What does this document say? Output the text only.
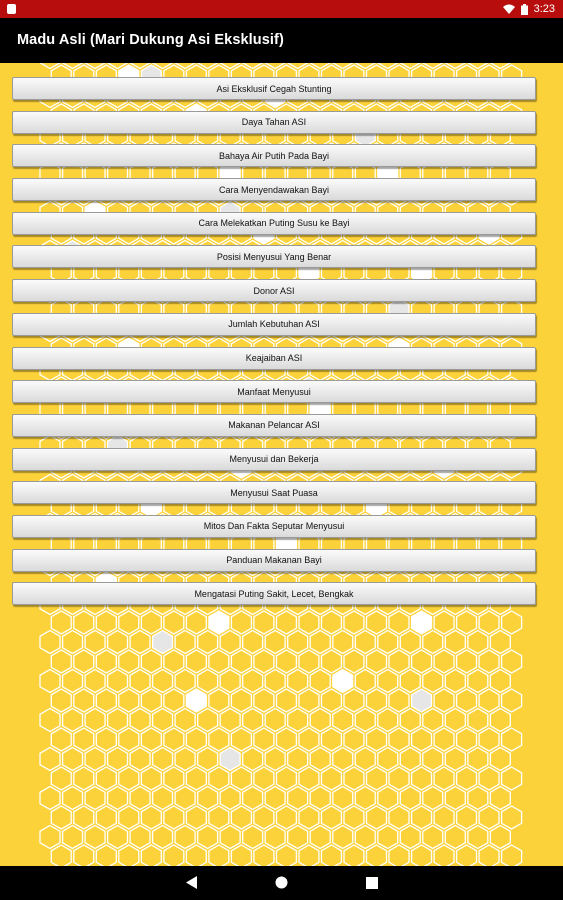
3:23
Madu Asli (Mari Dukung Asi Eksklusif)
Asi Eksklusif Cegah Stunting
Daya Tahan ASI
Bahaya Air Putih Pada Bayi
Cara Menyendawakan Bayi
Cara Melekatkan Puting Susu ke Bayi
Posisi Menyusui Yang Benar
Donor ASI
Jumlah Kebutuhan ASI
Keajaiban ASI
Manfaat Menyusui
Makanan Pelancar ASI
Menyusui dan Bekerja
Menyusui Saat Puasa
Mitos Dan Fakta Seputar Menyusui
Panduan Makanan Bayi
Mengatasi Puting Sakit, Lecet, Bengkak
